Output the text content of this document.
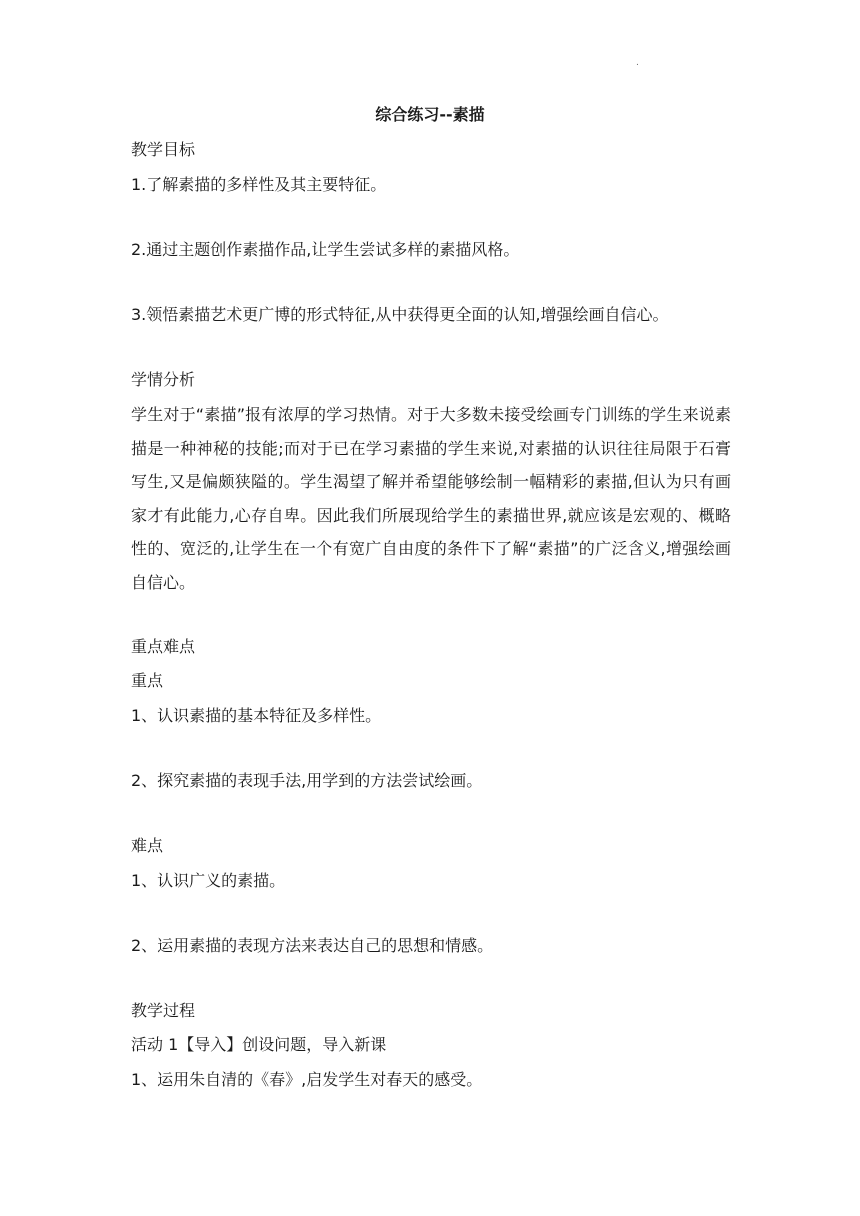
.
综合练习--素描
教学目标
1.了解素描的多样性及其主要特征。
2.通过主题创作素描作品,让学生尝试多样的素描风格。
3.领悟素描艺术更广博的形式特征,从中获得更全面的认知,增强绘画自信心。
学情分析
学生对于“素描”报有浓厚的学习热情。对于大多数未接受绘画专门训练的学生来说素描是一种神秘的技能;而对于已在学习素描的学生来说,对素描的认识往往局限于石膏写生,又是偏颇狭隘的。学生渴望了解并希望能够绘制一幅精彩的素描,但认为只有画家才有此能力,心存自卑。因此我们所展现给学生的素描世界,就应该是宏观的、概略性的、宽泛的,让学生在一个有宽广自由度的条件下了解“素描”的广泛含义,增强绘画自信心。
重点难点
重点
1、认识素描的基本特征及多样性。
2、探究素描的表现手法,用学到的方法尝试绘画。
难点
1、认识广义的素描。
2、运用素描的表现方法来表达自己的思想和情感。
教学过程
活动 1【导入】创设问题，导入新课
1、运用朱自清的《春》,启发学生对春天的感受。
